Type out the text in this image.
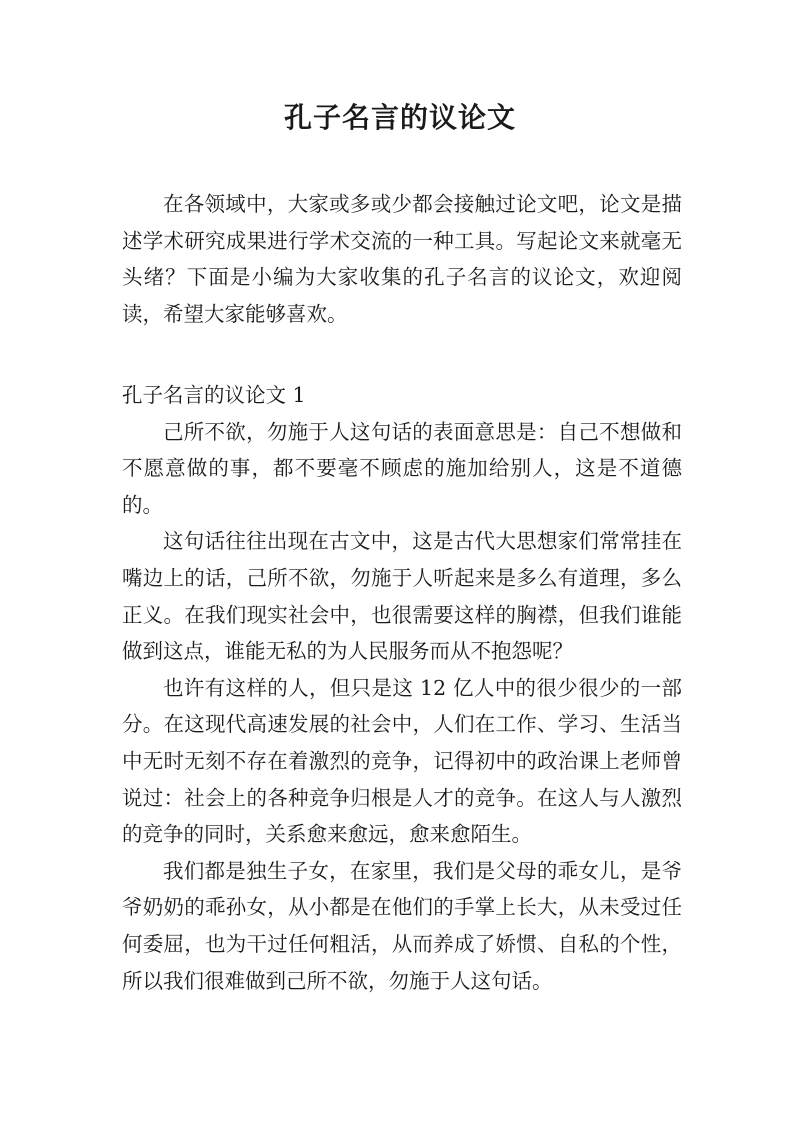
孔子名言的议论文

在各领域中，大家或多或少都会接触过论文吧，论文是描述学术研究成果进行学术交流的一种工具。写起论文来就毫无头绪？下面是小编为大家收集的孔子名言的议论文，欢迎阅读，希望大家能够喜欢。

孔子名言的议论文 1

己所不欲，勿施于人这句话的表面意思是：自己不想做和不愿意做的事，都不要毫不顾虑的施加给别人，这是不道德的。

这句话往往出现在古文中，这是古代大思想家们常常挂在嘴边上的话，己所不欲，勿施于人听起来是多么有道理，多么正义。在我们现实社会中，也很需要这样的胸襟，但我们谁能做到这点，谁能无私的为人民服务而从不抱怨呢？

也许有这样的人，但只是这 12 亿人中的很少很少的一部分。在这现代高速发展的社会中，人们在工作、学习、生活当中无时无刻不存在着激烈的竞争，记得初中的政治课上老师曾说过：社会上的各种竞争归根是人才的竞争。在这人与人激烈的竞争的同时，关系愈来愈远，愈来愈陌生。

我们都是独生子女，在家里，我们是父母的乖女儿，是爷爷奶奶的乖孙女，从小都是在他们的手掌上长大，从未受过任何委屈，也为干过任何粗活，从而养成了娇惯、自私的个性，所以我们很难做到己所不欲，勿施于人这句话。
